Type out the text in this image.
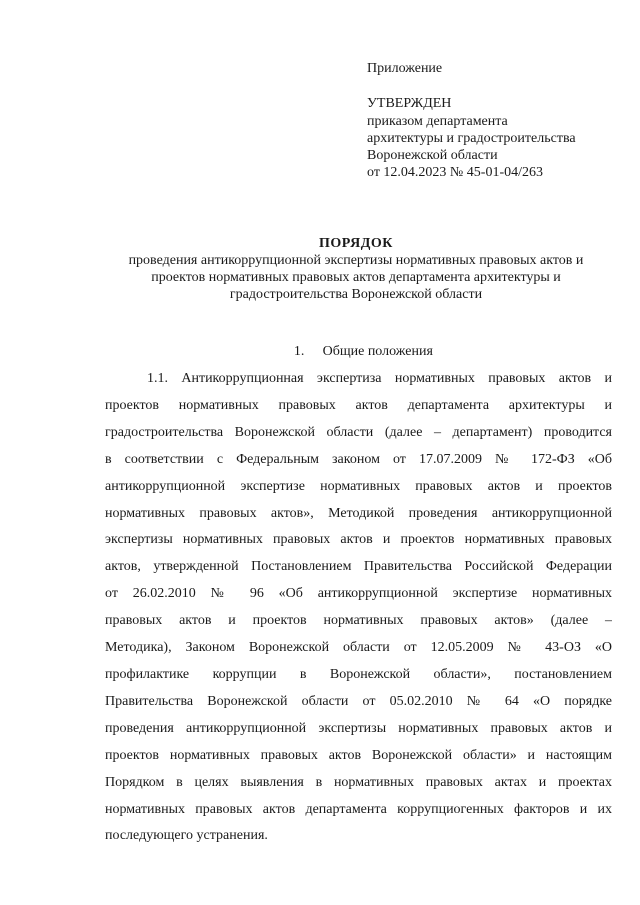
Приложение
УТВЕРЖДЕН
приказом департамента
архитектуры и градостроительства
Воронежской области
от 12.04.2023 № 45-01-04/263
ПОРЯДОК
проведения антикоррупционной экспертизы нормативных правовых актов и
проектов нормативных правовых актов департамента архитектуры и
градостроительства Воронежской области
1. Общие положения
1.1. Антикоррупционная экспертиза нормативных правовых актов и
проектов нормативных правовых актов департамента архитектуры и
градостроительства Воронежской области (далее – департамент) проводится
в соответствии с Федеральным законом от 17.07.2009 № 172-ФЗ «Об
антикоррупционной экспертизе нормативных правовых актов и проектов
нормативных правовых актов», Методикой проведения антикоррупционной
экспертизы нормативных правовых актов и проектов нормативных правовых
актов, утвержденной Постановлением Правительства Российской Федерации
от 26.02.2010 № 96 «Об антикоррупционной экспертизе нормативных
правовых актов и проектов нормативных правовых актов» (далее –
Методика), Законом Воронежской области от 12.05.2009 № 43-ОЗ «О
профилактике коррупции в Воронежской области», постановлением
Правительства Воронежской области от 05.02.2010 № 64 «О порядке
проведения антикоррупционной экспертизы нормативных правовых актов и
проектов нормативных правовых актов Воронежской области» и настоящим
Порядком в целях выявления в нормативных правовых актах и проектах
нормативных правовых актов департамента коррупциогенных факторов и их
последующего устранения.
